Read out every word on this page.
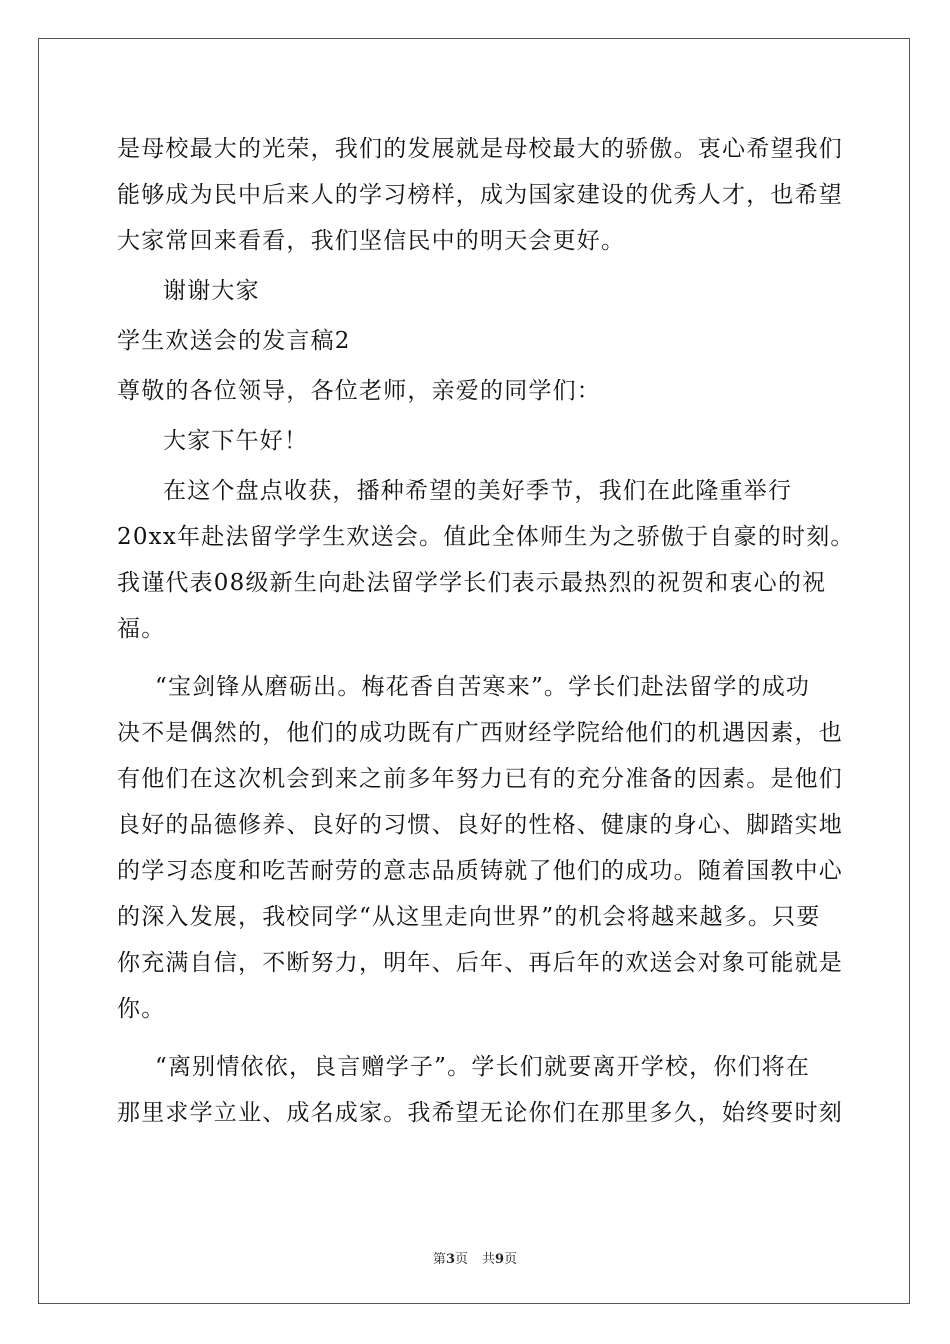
是母校最大的光荣，我们的发展就是母校最大的骄傲。衷心希望我们
能够成为民中后来人的学习榜样，成为国家建设的优秀人才，也希望
大家常回来看看，我们坚信民中的明天会更好。
谢谢大家
学生欢送会的发言稿2
尊敬的各位领导，各位老师，亲爱的同学们：
大家下午好！
在这个盘点收获，播种希望的美好季节，我们在此隆重举行
20xx年赴法留学学生欢送会。值此全体师生为之骄傲于自豪的时刻。
我谨代表08级新生向赴法留学学长们表示最热烈的祝贺和衷心的祝
福。
“宝剑锋从磨砺出。梅花香自苦寒来”。学长们赴法留学的成功
决不是偶然的，他们的成功既有广西财经学院给他们的机遇因素，也
有他们在这次机会到来之前多年努力已有的充分准备的因素。是他们
良好的品德修养、良好的习惯、良好的性格、健康的身心、脚踏实地
的学习态度和吃苦耐劳的意志品质铸就了他们的成功。随着国教中心
的深入发展，我校同学“从这里走向世界”的机会将越来越多。只要
你充满自信，不断努力，明年、后年、再后年的欢送会对象可能就是
你。
“离别情依依，良言赠学子”。学长们就要离开学校，你们将在
那里求学立业、成名成家。我希望无论你们在那里多久，始终要时刻
第3页 共9页
